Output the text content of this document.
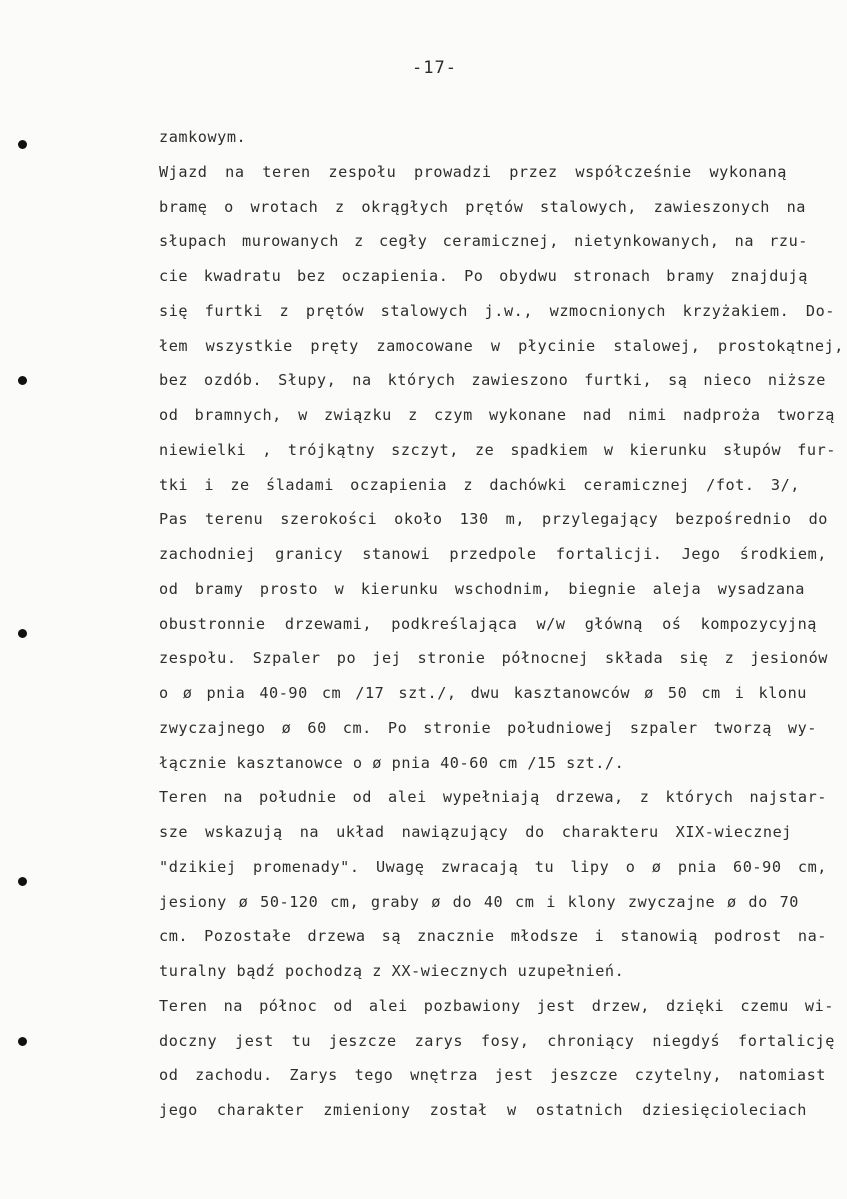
-17-
zamkowym.
Wjazd na teren zespołu prowadzi przez współcześnie wykonaną
bramę o wrotach z okrągłych prętów stalowych, zawieszonych na
słupach murowanych z cegły ceramicznej, nietynkowanych, na rzu-
cie kwadratu bez oczapienia. Po obydwu stronach bramy znajdują
się furtki z prętów stalowych j.w., wzmocnionych krzyżakiem. Do-
łem wszystkie pręty zamocowane w płycinie stalowej, prostokątnej,
bez ozdób. Słupy, na których zawieszono furtki, są nieco niższe
od bramnych, w związku z czym wykonane nad nimi nadproża tworzą
niewielki , trójkątny szczyt, ze spadkiem w kierunku słupów fur-
tki i ze śladami oczapienia z dachówki ceramicznej /fot. 3/,
Pas terenu szerokości około 130 m, przylegający bezpośrednio do
zachodniej granicy stanowi przedpole fortalicji. Jego środkiem,
od bramy prosto w kierunku wschodnim, biegnie aleja wysadzana
obustronnie drzewami, podkreślająca w/w główną oś kompozycyjną
zespołu. Szpaler po jej stronie północnej składa się z jesionów
o ø pnia 40-90 cm /17 szt./, dwu kasztanowców ø 50 cm i klonu
zwyczajnego ø 60 cm. Po stronie południowej szpaler tworzą wy-
łącznie kasztanowce o ø pnia 40-60 cm /15 szt./.
Teren na południe od alei wypełniają drzewa, z których najstar-
sze wskazują na układ nawiązujący do charakteru XIX-wiecznej
"dzikiej promenady". Uwagę zwracają tu lipy o ø pnia 60-90 cm,
jesiony ø 50-120 cm, graby ø do 40 cm i klony zwyczajne ø do 70
cm. Pozostałe drzewa są znacznie młodsze i stanowią podrost na-
turalny bądź pochodzą z XX-wiecznych uzupełnień.
Teren na północ od alei pozbawiony jest drzew, dzięki czemu wi-
doczny jest tu jeszcze zarys fosy, chroniący niegdyś fortalicję
od zachodu. Zarys tego wnętrza jest jeszcze czytelny, natomiast
jego charakter zmieniony został w ostatnich dziesięcioleciach
